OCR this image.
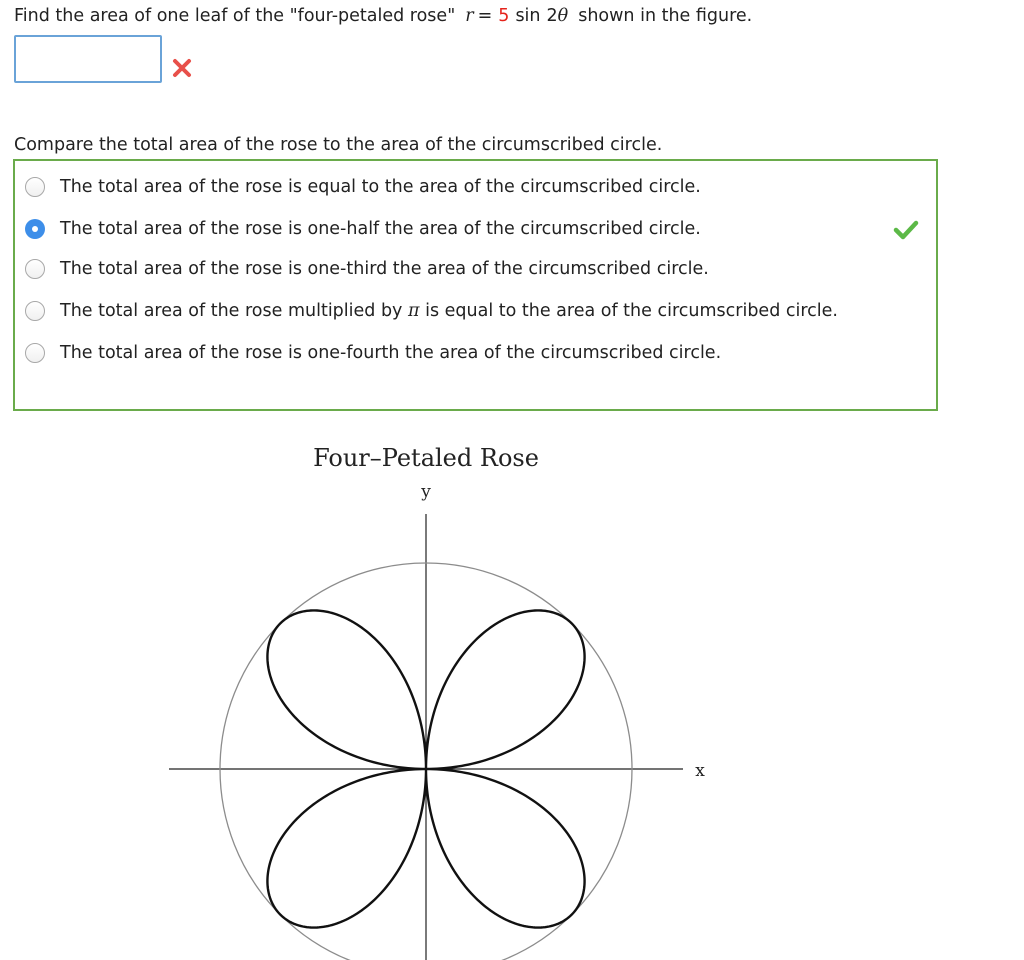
Find the area of one leaf of the "four-petaled rose" r = 5 sin 2θ shown in the figure.
Compare the total area of the rose to the area of the circumscribed circle.
The total area of the rose is equal to the area of the circumscribed circle.
The total area of the rose is one-half the area of the circumscribed circle.
The total area of the rose is one-third the area of the circumscribed circle.
The total area of the rose multiplied by π is equal to the area of the circumscribed circle.
The total area of the rose is one-fourth the area of the circumscribed circle.
Four–Petaled Rose
y
x
